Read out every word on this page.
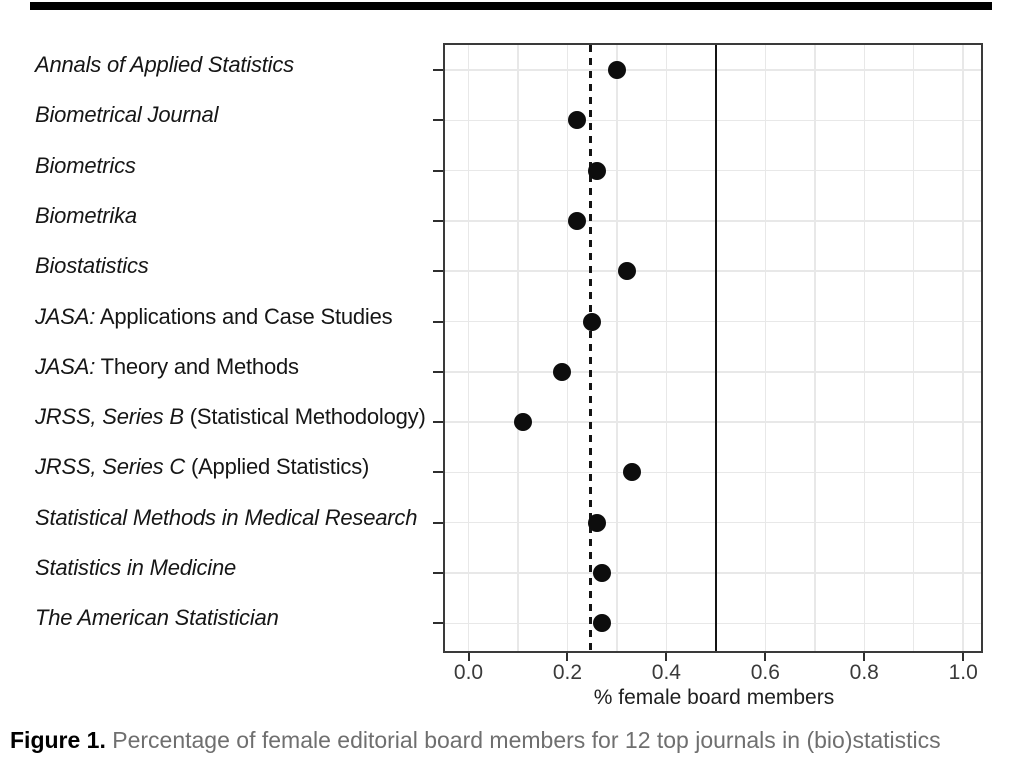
% female board members
Figure 1. Percentage of female editorial board members for 12 top journals in (bio)statistics
Annals of Applied Statistics
Biometrical Journal
Biometrics
Biometrika
Biostatistics
JASA: Applications and Case Studies
JASA: Theory and Methods
JRSS, Series B (Statistical Methodology)
JRSS, Series C (Applied Statistics)
Statistical Methods in Medical Research
Statistics in Medicine
The American Statistician
0.0	0.2	0.4	0.6	0.8	1.0
